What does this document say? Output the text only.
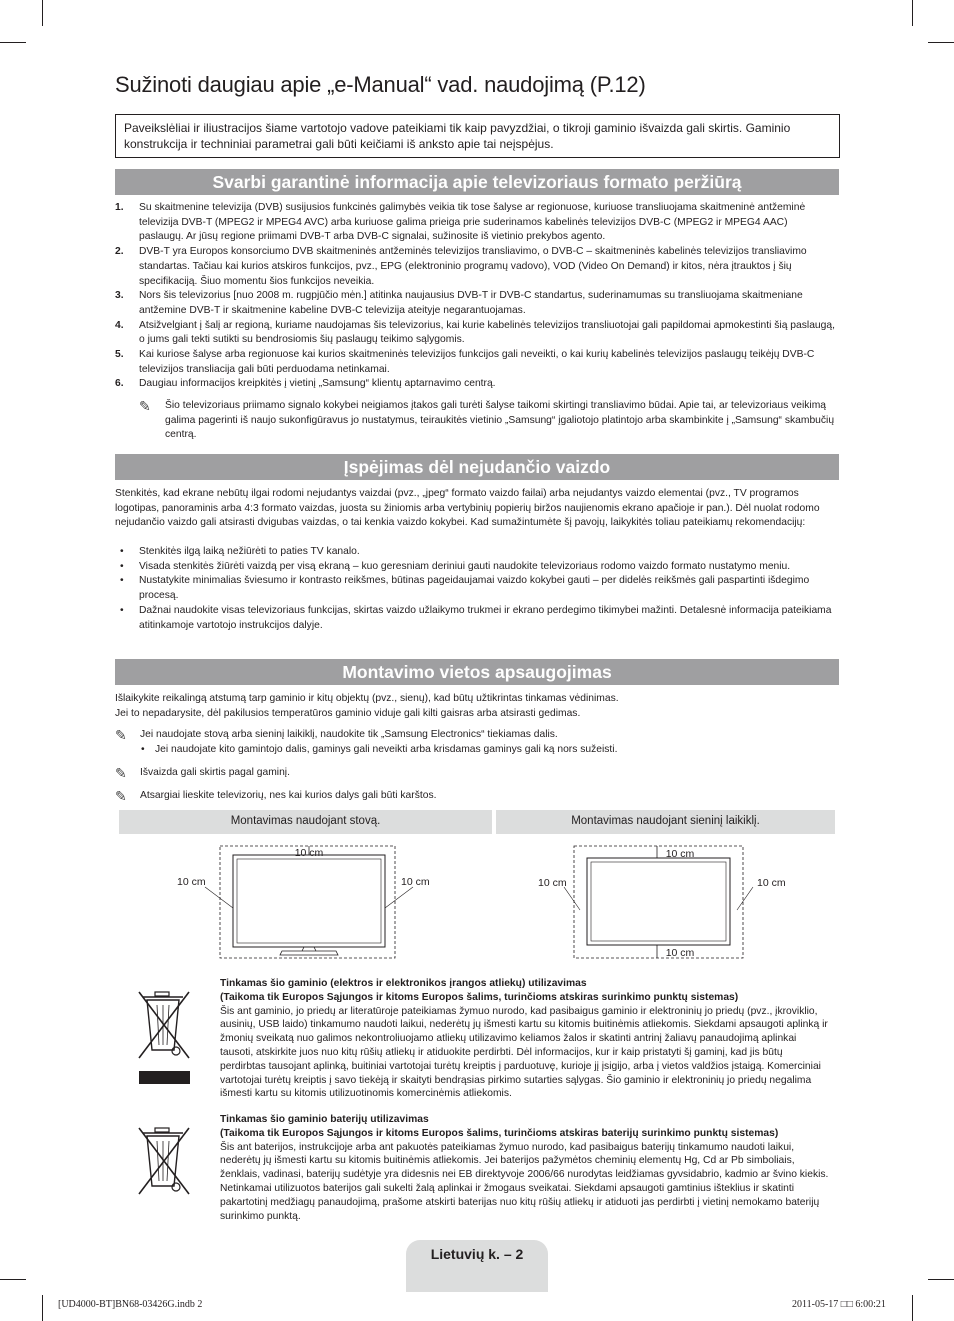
Sužinoti daugiau apie „e-Manual“ vad. naudojimą (P.12)
Paveikslėliai ir iliustracijos šiame vartotojo vadove pateikiami tik kaip pavyzdžiai, o tikroji gaminio išvaizda gali skirtis. Gaminio konstrukcija ir techniniai parametrai gali būti keičiami iš anksto apie tai neįspėjus.
Svarbi garantinė informacija apie televizoriaus formato peržiūrą
1. Su skaitmenine televizija (DVB) susijusios funkcinės galimybės veikia tik tose šalyse ar regionuose, kuriuose transliuojama skaitmeninė antžeminė televizija DVB-T (MPEG2 ir MPEG4 AVC) arba kuriuose galima prieiga prie suderinamos kabelinės televizijos DVB-C (MPEG2 ir MPEG4 AAC) paslaugų. Ar jūsų regione priimami DVB-T arba DVB-C signalai, sužinosite iš vietinio prekybos agento.
2. DVB-T yra Europos konsorciumo DVB skaitmeninės antžeminės televizijos transliavimo, o DVB-C – skaitmeninės kabelinės televizijos transliavimo standartas. Tačiau kai kurios atskiros funkcijos, pvz., EPG (elektroninio programų vadovo), VOD (Video On Demand) ir kitos, nėra įtrauktos į šių specifikaciją. Šiuo momentu šios funkcijos neveikia.
3. Nors šis televizorius [nuo 2008 m. rugpjūčio mėn.] atitinka naujausius DVB-T ir DVB-C standartus, suderinamumas su transliuojama skaitmeniane antžemine DVB-T ir skaitmenine kabeline DVB-C televizija ateityje negarantuojamas.
4. Atsižvelgiant į šalį ar regioną, kuriame naudojamas šis televizorius, kai kurie kabelinės televizijos transliuotojai gali papildomai apmokestinti šią paslaugą, o jums gali tekti sutikti su bendrosiomis šių paslaugų teikimo sąlygomis.
5. Kai kuriose šalyse arba regionuose kai kurios skaitmeninės televizijos funkcijos gali neveikti, o kai kurių kabelinės televizijos paslaugų teikėjų DVB-C televizijos transliacija gali būti perduodama netinkamai.
6. Daugiau informacijos kreipkitės į vietinį „Samsung“ klientų aptarnavimo centrą.
✎	Šio televizoriaus priimamo signalo kokybei neigiamos įtakos gali turėti šalyse taikomi skirtingi transliavimo būdai. Apie tai, ar televizoriaus veikimą galima pagerinti iš naujo sukonfigūravus jo nustatymus, teiraukitės vietinio „Samsung“ įgaliotojo platintojo arba skambinkite į „Samsung“ skambučių centrą.
Įspėjimas dėl nejudančio vaizdo
Stenkitės, kad ekrane nebūtų ilgai rodomi nejudantys vaizdai (pvz., „jpeg“ formato vaizdo failai) arba nejudantys vaizdo elementai (pvz., TV programos logotipas, panoraminis arba 4:3 formato vaizdas, juosta su žiniomis arba vertybinių popierių biržos naujienomis ekrano apačioje ir pan.). Dėl nuolat rodomo nejudančio vaizdo gali atsirasti dvigubas vaizdas, o tai kenkia vaizdo kokybei. Kad sumažintumėte šį pavojų, laikykitės toliau pateikiamų rekomendacijų:
• Stenkitės ilgą laiką nežiūrėti to paties TV kanalo.
• Visada stenkitės žiūrėti vaizdą per visą ekraną – kuo geresniam deriniui gauti naudokite televizoriaus rodomo vaizdo formato nustatymo meniu.
• Nustatykite minimalias šviesumo ir kontrasto reikšmes, būtinas pageidaujamai vaizdo kokybei gauti – per didelės reikšmės gali paspartinti išdegimo procesą.
• Dažnai naudokite visas televizoriaus funkcijas, skirtas vaizdo užlaikymo trukmei ir ekrano perdegimo tikimybei mažinti. Detalesnė informacija pateikiama atitinkamoje vartotojo instrukcijos dalyje.
Montavimo vietos apsaugojimas
Išlaikykite reikalingą atstumą tarp gaminio ir kitų objektų (pvz., sienų), kad būtų užtikrintas tinkamas vėdinimas.
Jei to nepadarysite, dėl pakilusios temperatūros gaminio viduje gali kilti gaisras arba atsirasti gedimas.
✎	Jei naudojate stovą arba sieninį laikiklį, naudokite tik „Samsung Electronics“ tiekiamas dalis.
• Jei naudojate kito gamintojo dalis, gaminys gali neveikti arba krisdamas gaminys gali ką nors sužeisti.
✎	Išvaizda gali skirtis pagal gaminį.
✎	Atsargiai lieskite televizorių, nes kai kurios dalys gali būti karštos.
Montavimas naudojant stovą.	Montavimas naudojant sieninį laikiklį.
10 cm
10 cm	10 cm
10 cm
10 cm
10 cm	10 cm
Tinkamas šio gaminio (elektros ir elektronikos įrangos atliekų) utilizavimas
(Taikoma tik Europos Sąjungos ir kitoms Europos šalims, turinčioms atskiras surinkimo punktų sistemas)
Šis ant gaminio, jo priedų ar literatūroje pateikiamas žymuo nurodo, kad pasibaigus gaminio ir elektroninių jo priedų (pvz., įkroviklio, ausinių, USB laido) tinkamumo naudoti laikui, nederėtų jų išmesti kartu su kitomis buitinėmis atliekomis. Siekdami apsaugoti aplinką ir žmonių sveikatą nuo galimos nekontroliuojamo atliekų utilizavimo keliamos žalos ir skatinti antrinį žaliavų panaudojimą aplinkai tausoti, atskirkite juos nuo kitų rūšių atliekų ir atiduokite perdirbti. Dėl informacijos, kur ir kaip pristatyti šį gaminį, kad jis būtų perdirbtas tausojant aplinką, buitiniai vartotojai turėtų kreiptis į parduotuvę, kurioje jį įsigijo, arba į vietos valdžios įstaigą. Komerciniai vartotojai turėtų kreiptis į savo tiekėją ir skaityti bendrąsias pirkimo sutarties sąlygas. Šio gaminio ir elektroninių jo priedų negalima išmesti kartu su kitomis utilizuotinomis komercinėmis atliekomis.
Tinkamas šio gaminio baterijų utilizavimas
(Taikoma tik Europos Sąjungos ir kitoms Europos šalims, turinčioms atskiras baterijų surinkimo punktų sistemas)
Šis ant baterijos, instrukcijoje arba ant pakuotės pateikiamas žymuo nurodo, kad pasibaigus baterijų tinkamumo naudoti laikui, nederėtų jų išmesti kartu su kitomis buitinėmis atliekomis. Jei baterijos pažymėtos cheminių elementų Hg, Cd ar Pb simboliais, ženklais, vadinasi, baterijų sudėtyje yra didesnis nei EB direktyvoje 2006/66 nurodytas leidžiamas gyvsidabrio, kadmio ar švino kiekis. Netinkamai utilizuotos baterijos gali sukelti žalą aplinkai ir žmogaus sveikatai. Siekdami apsaugoti gamtinius išteklius ir skatinti pakartotinį medžiagų panaudojimą, prašome atskirti baterijas nuo kitų rūšių atliekų ir atiduoti jas perdirbti į vietinį nemokamo baterijų surinkimo punktą.
Lietuvių k. – 2
[UD4000-BT]BN68-03426G.indb 2	2011-05-17 □□ 6:00:21
